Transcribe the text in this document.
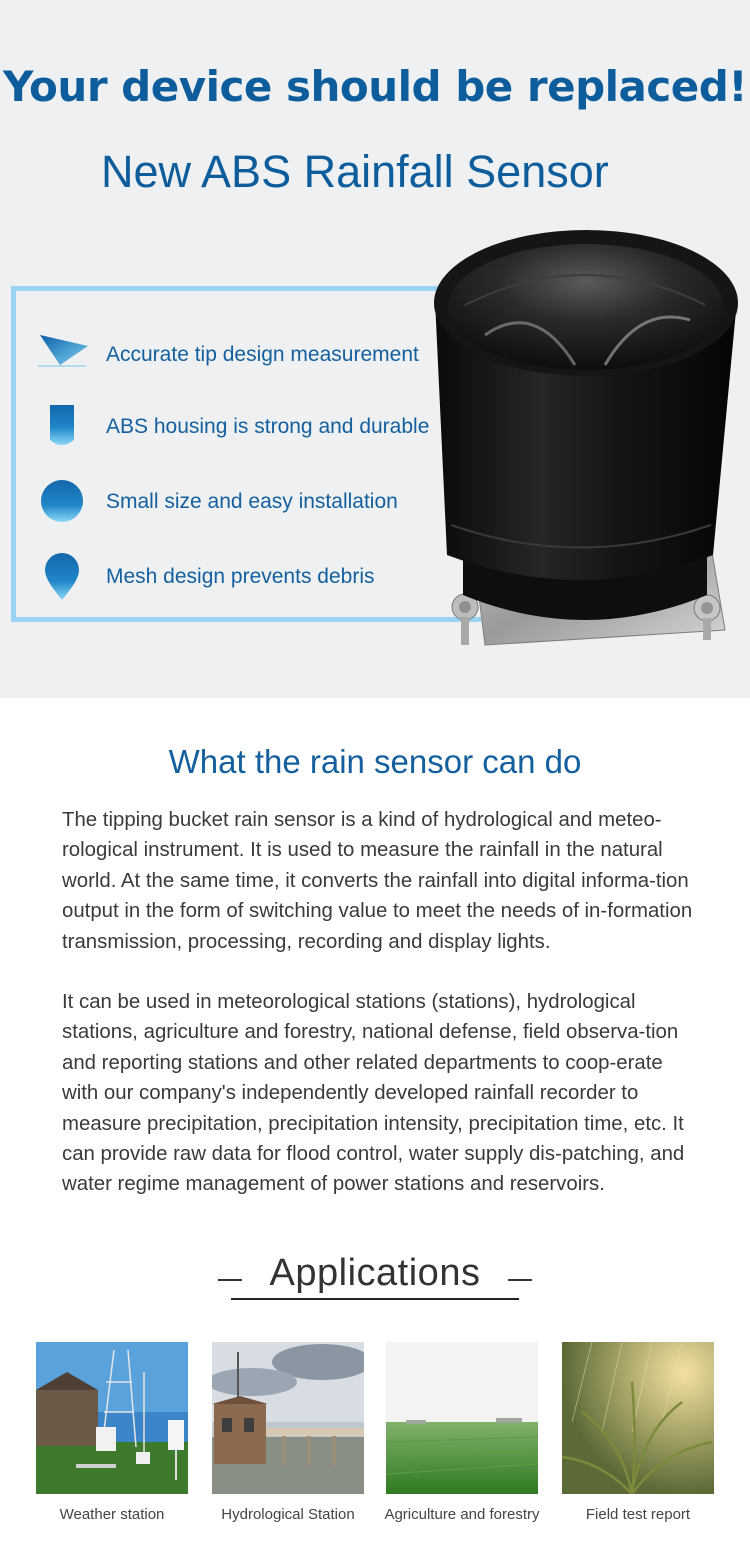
Your device should be replaced!
New ABS Rainfall Sensor
Accurate tip design measurement
ABS housing is strong and durable
Small size and easy installation
Mesh design prevents debris
What the rain sensor can do

The tipping bucket rain sensor is a kind of hydrological and meteo-rological instrument. It is used to measure the rainfall in the natural world. At the same time, it converts the rainfall into digital informa-tion output in the form of switching value to meet the needs of in-formation transmission, processing, recording and display lights.

It can be used in meteorological stations (stations), hydrological stations, agriculture and forestry, national defense, field observa-tion and reporting stations and other related departments to coop-erate with our company's independently developed rainfall recorder to measure precipitation, precipitation intensity, precipitation time, etc. It can provide raw data for flood control, water supply dis-patching, and water regime management of power stations and reservoirs.

Applications
Weather station	Hydrological Station	Agriculture and forestry	Field test report
